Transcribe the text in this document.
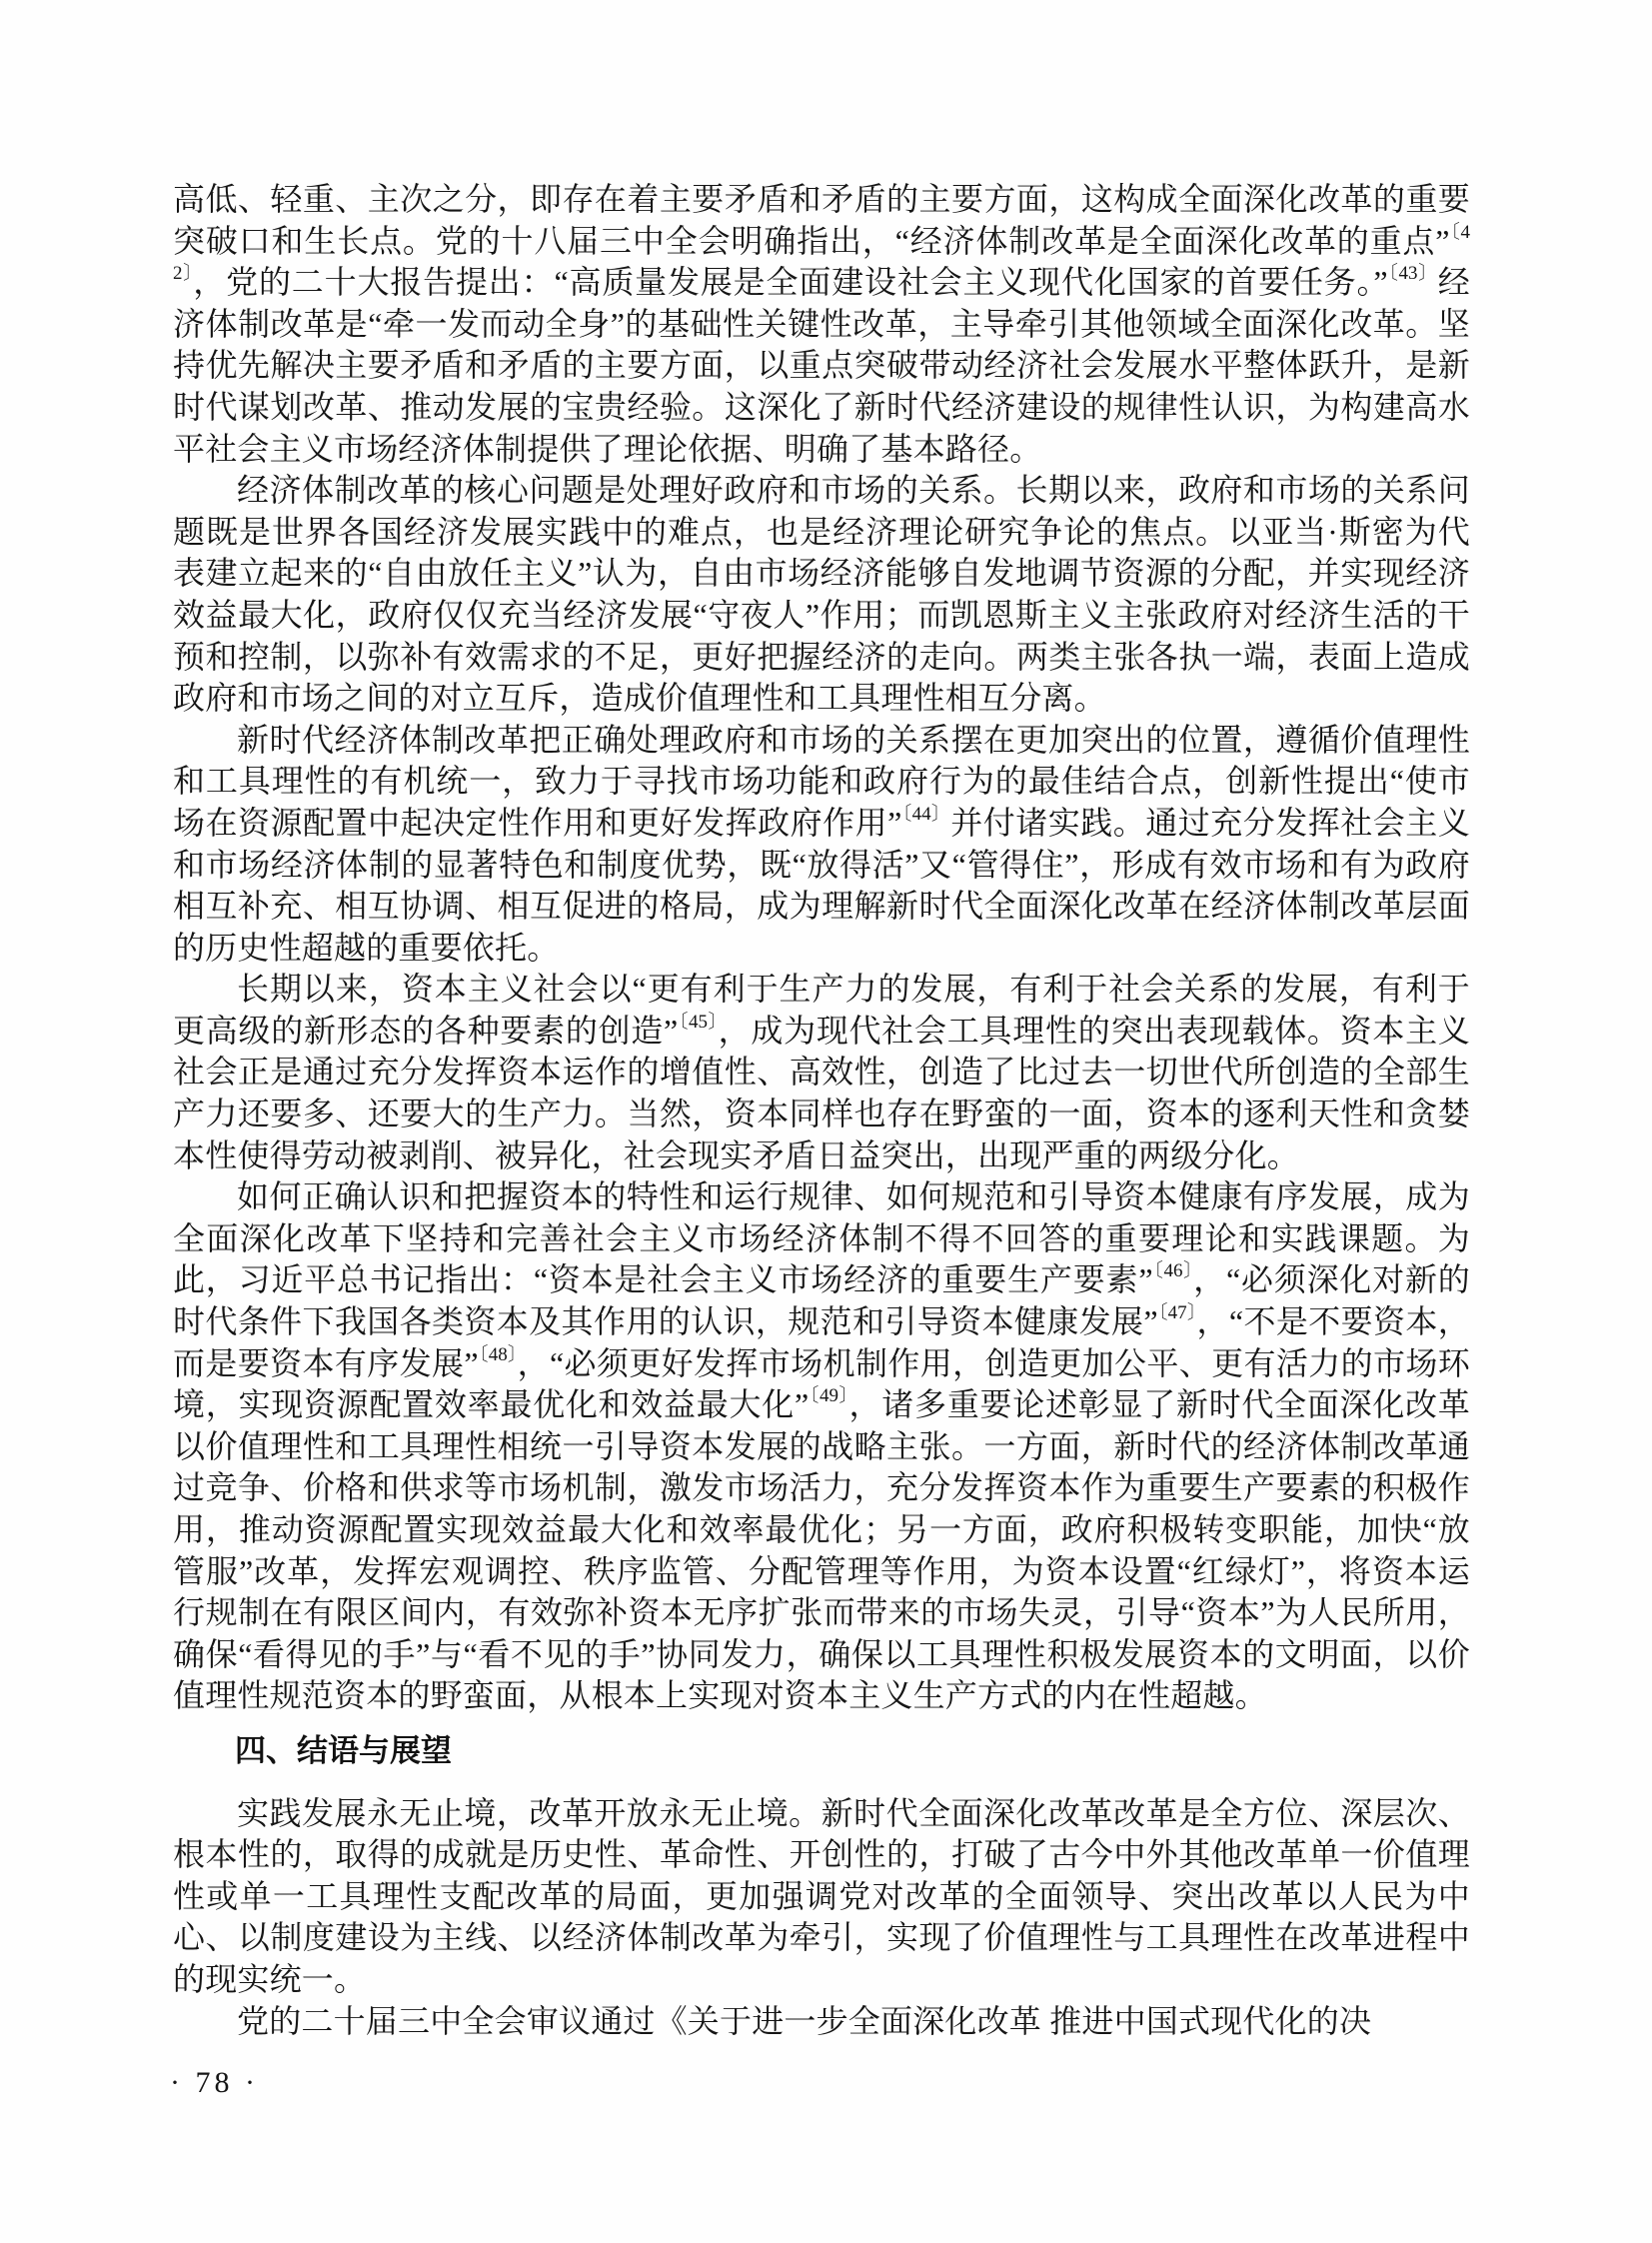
高低、轻重、主次之分，即存在着主要矛盾和矛盾的主要方面，这构成全面深化改革的重要突破口和生长点。党的十八届三中全会明确指出，“经济体制改革是全面深化改革的重点”$^{〔42〕}$，党的二十大报告提出：“高质量发展是全面建设社会主义现代化国家的首要任务。”$^{〔43〕}$经济体制改革是“牵一发而动全身”的基础性关键性改革，主导牵引其他领域全面深化改革。坚持优先解决主要矛盾和矛盾的主要方面，以重点突破带动经济社会发展水平整体跃升，是新时代谋划改革、推动发展的宝贵经验。这深化了新时代经济建设的规律性认识，为构建高水平社会主义市场经济体制提供了理论依据、明确了基本路径。

经济体制改革的核心问题是处理好政府和市场的关系。长期以来，政府和市场的关系问题既是世界各国经济发展实践中的难点，也是经济理论研究争论的焦点。以亚当·斯密为代表建立起来的“自由放任主义”认为，自由市场经济能够自发地调节资源的分配，并实现经济效益最大化，政府仅仅充当经济发展“守夜人”作用；而凯恩斯主义主张政府对经济生活的干预和控制，以弥补有效需求的不足，更好把握经济的走向。两类主张各执一端，表面上造成政府和市场之间的对立互斥，造成价值理性和工具理性相互分离。

新时代经济体制改革把正确处理政府和市场的关系摆在更加突出的位置，遵循价值理性和工具理性的有机统一，致力于寻找市场功能和政府行为的最佳结合点，创新性提出“使市场在资源配置中起决定性作用和更好发挥政府作用”$^{〔44〕}$并付诸实践。通过充分发挥社会主义和市场经济体制的显著特色和制度优势，既“放得活”又“管得住”，形成有效市场和有为政府相互补充、相互协调、相互促进的格局，成为理解新时代全面深化改革在经济体制改革层面的历史性超越的重要依托。

长期以来，资本主义社会以“更有利于生产力的发展，有利于社会关系的发展，有利于更高级的新形态的各种要素的创造”$^{〔45〕}$，成为现代社会工具理性的突出表现载体。资本主义社会正是通过充分发挥资本运作的增值性、高效性，创造了比过去一切世代所创造的全部生产力还要多、还要大的生产力。当然，资本同样也存在野蛮的一面，资本的逐利天性和贪婪本性使得劳动被剥削、被异化，社会现实矛盾日益突出，出现严重的两级分化。

如何正确认识和把握资本的特性和运行规律、如何规范和引导资本健康有序发展，成为全面深化改革下坚持和完善社会主义市场经济体制不得不回答的重要理论和实践课题。为此，习近平总书记指出：“资本是社会主义市场经济的重要生产要素”$^{〔46〕}$，“必须深化对新的时代条件下我国各类资本及其作用的认识，规范和引导资本健康发展”$^{〔47〕}$，“不是不要资本，而是要资本有序发展”$^{〔48〕}$，“必须更好发挥市场机制作用，创造更加公平、更有活力的市场环境，实现资源配置效率最优化和效益最大化”$^{〔49〕}$，诸多重要论述彰显了新时代全面深化改革以价值理性和工具理性相统一引导资本发展的战略主张。一方面，新时代的经济体制改革通过竞争、价格和供求等市场机制，激发市场活力，充分发挥资本作为重要生产要素的积极作用，推动资源配置实现效益最大化和效率最优化；另一方面，政府积极转变职能，加快“放管服”改革，发挥宏观调控、秩序监管、分配管理等作用，为资本设置“红绿灯”，将资本运行规制在有限区间内，有效弥补资本无序扩张而带来的市场失灵，引导“资本”为人民所用，确保“看得见的手”与“看不见的手”协同发力，确保以工具理性积极发展资本的文明面，以价值理性规范资本的野蛮面，从根本上实现对资本主义生产方式的内在性超越。

四、结语与展望

实践发展永无止境，改革开放永无止境。新时代全面深化改革改革是全方位、深层次、根本性的，取得的成就是历史性、革命性、开创性的，打破了古今中外其他改革单一价值理性或单一工具理性支配改革的局面，更加强调党对改革的全面领导、突出改革以人民为中心、以制度建设为主线、以经济体制改革为牵引，实现了价值理性与工具理性在改革进程中的现实统一。

党的二十届三中全会审议通过《关于进一步全面深化改革 推进中国式现代化的决

· 78 ·
